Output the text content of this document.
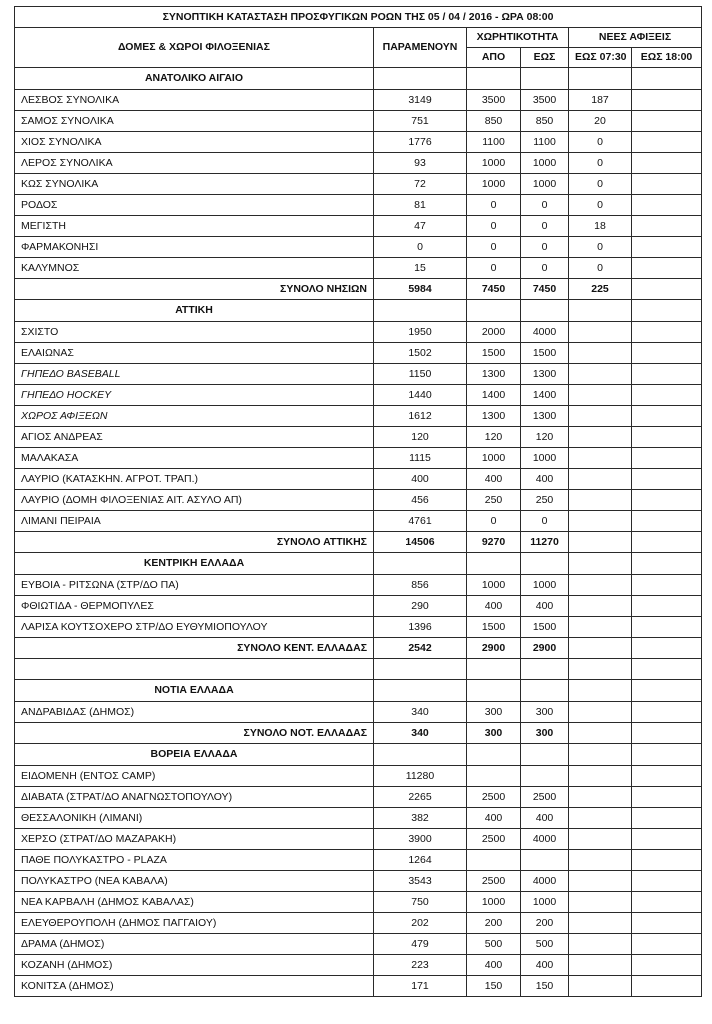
ΣΥΝΟΠΤΙΚΗ ΚΑΤΑΣΤΑΣΗ ΠΡΟΣΦΥΓΙΚΩΝ ΡΟΩΝ ΤΗΣ 05 / 04 / 2016 - ΩΡΑ 08:00					
ΔΟΜΕΣ & ΧΩΡΟΙ ΦΙΛΟΞΕΝΙΑΣ	ΠΑΡΑΜΕΝΟΥΝ	ΧΩΡΗΤΙΚΟΤΗΤΑ		ΝΕΕΣ ΑΦΙΞΕΙΣ	
		ΑΠΟ	ΕΩΣ	ΕΩΣ 07:30	ΕΩΣ 18:00
ΑΝΑΤΟΛΙΚΟ ΑΙΓΑΙΟ					
ΛΕΣΒΟΣ ΣΥΝΟΛΙΚΑ	3149	3500	3500	187	
ΣΑΜΟΣ ΣΥΝΟΛΙΚΑ	751	850	850	20	
ΧΙΟΣ ΣΥΝΟΛΙΚΑ	1776	1100	1100	0	
ΛΕΡΟΣ ΣΥΝΟΛΙΚΑ	93	1000	1000	0	
ΚΩΣ ΣΥΝΟΛΙΚΑ	72	1000	1000	0	
ΡΟΔΟΣ	81	0	0	0	
ΜΕΓΙΣΤΗ	47	0	0	18	
ΦΑΡΜΑΚΟΝΗΣΙ	0	0	0	0	
ΚΑΛΥΜΝΟΣ	15	0	0	0	
ΣΥΝΟΛΟ ΝΗΣΙΩΝ	5984	7450	7450	225	
ΑΤΤΙΚΗ					
ΣΧΙΣΤΟ	1950	2000	4000		
ΕΛΑΙΩΝΑΣ	1502	1500	1500		
ΓΗΠΕΔΟ BASEBALL	1150	1300	1300		
ΓΗΠΕΔΟ HOCKEY	1440	1400	1400		
ΧΩΡΟΣ ΑΦΙΞΕΩΝ	1612	1300	1300		
ΑΓΙΟΣ ΑΝΔΡΕΑΣ	120	120	120		
ΜΑΛΑΚΑΣΑ	1115	1000	1000		
ΛΑΥΡΙΟ (ΚΑΤΑΣΚΗΝ. ΑΓΡΟΤ. ΤΡΑΠ.)	400	400	400		
ΛΑΥΡΙΟ (ΔΟΜΗ ΦΙΛΟΞΕΝΙΑΣ ΑΙΤ. ΑΣΥΛΟ ΑΠ)	456	250	250		
ΛΙΜΑΝΙ ΠΕΙΡΑΙΑ	4761	0	0		
ΣΥΝΟΛΟ ΑΤΤΙΚΗΣ	14506	9270	11270		
ΚΕΝΤΡΙΚΗ ΕΛΛΑΔΑ					
ΕΥΒΟΙΑ - ΡΙΤΣΩΝΑ (ΣΤΡ/ΔΟ ΠΑ)	856	1000	1000		
ΦΘΙΩΤΙΔΑ - ΘΕΡΜΟΠΥΛΕΣ	290	400	400		
ΛΑΡΙΣΑ ΚΟΥΤΣΟΧΕΡΟ ΣΤΡ/ΔΟ ΕΥΘΥΜΙΟΠΟΥΛΟΥ	1396	1500	1500		
ΣΥΝΟΛΟ ΚΕΝΤ. ΕΛΛΑΔΑΣ	2542	2900	2900		

ΝΟΤΙΑ ΕΛΛΑΔΑ					
ΑΝΔΡΑΒΙΔΑΣ (ΔΗΜΟΣ)	340	300	300		
ΣΥΝΟΛΟ ΝΟΤ. ΕΛΛΑΔΑΣ	340	300	300		
ΒΟΡΕΙΑ ΕΛΛΑΔΑ					
ΕΙΔΟΜΕΝΗ (ΕΝΤΟΣ CAMP)	11280				
ΔΙΑΒΑΤΑ (ΣΤΡΑΤ/ΔΟ ΑΝΑΓΝΩΣΤΟΠΟΥΛΟΥ)	2265	2500	2500		
ΘΕΣΣΑΛΟΝΙΚΗ (ΛΙΜΑΝΙ)	382	400	400		
ΧΕΡΣΟ (ΣΤΡΑΤ/ΔΟ ΜΑΖΑΡΑΚΗ)	3900	2500	4000		
ΠΑΘΕ ΠΟΛΥΚΑΣΤΡΟ - PLAZA	1264				
ΠΟΛΥΚΑΣΤΡΟ (ΝΕΑ ΚΑΒΑΛΑ)	3543	2500	4000		
ΝΕΑ ΚΑΡΒΑΛΗ (ΔΗΜΟΣ ΚΑΒΑΛΑΣ)	750	1000	1000		
ΕΛΕΥΘΕΡΟΥΠΟΛΗ (ΔΗΜΟΣ ΠΑΓΓΑΙΟΥ)	202	200	200		
ΔΡΑΜΑ (ΔΗΜΟΣ)	479	500	500		
ΚΟΖΑΝΗ (ΔΗΜΟΣ)	223	400	400		
ΚΟΝΙΤΣΑ (ΔΗΜΟΣ)	171	150	150		
